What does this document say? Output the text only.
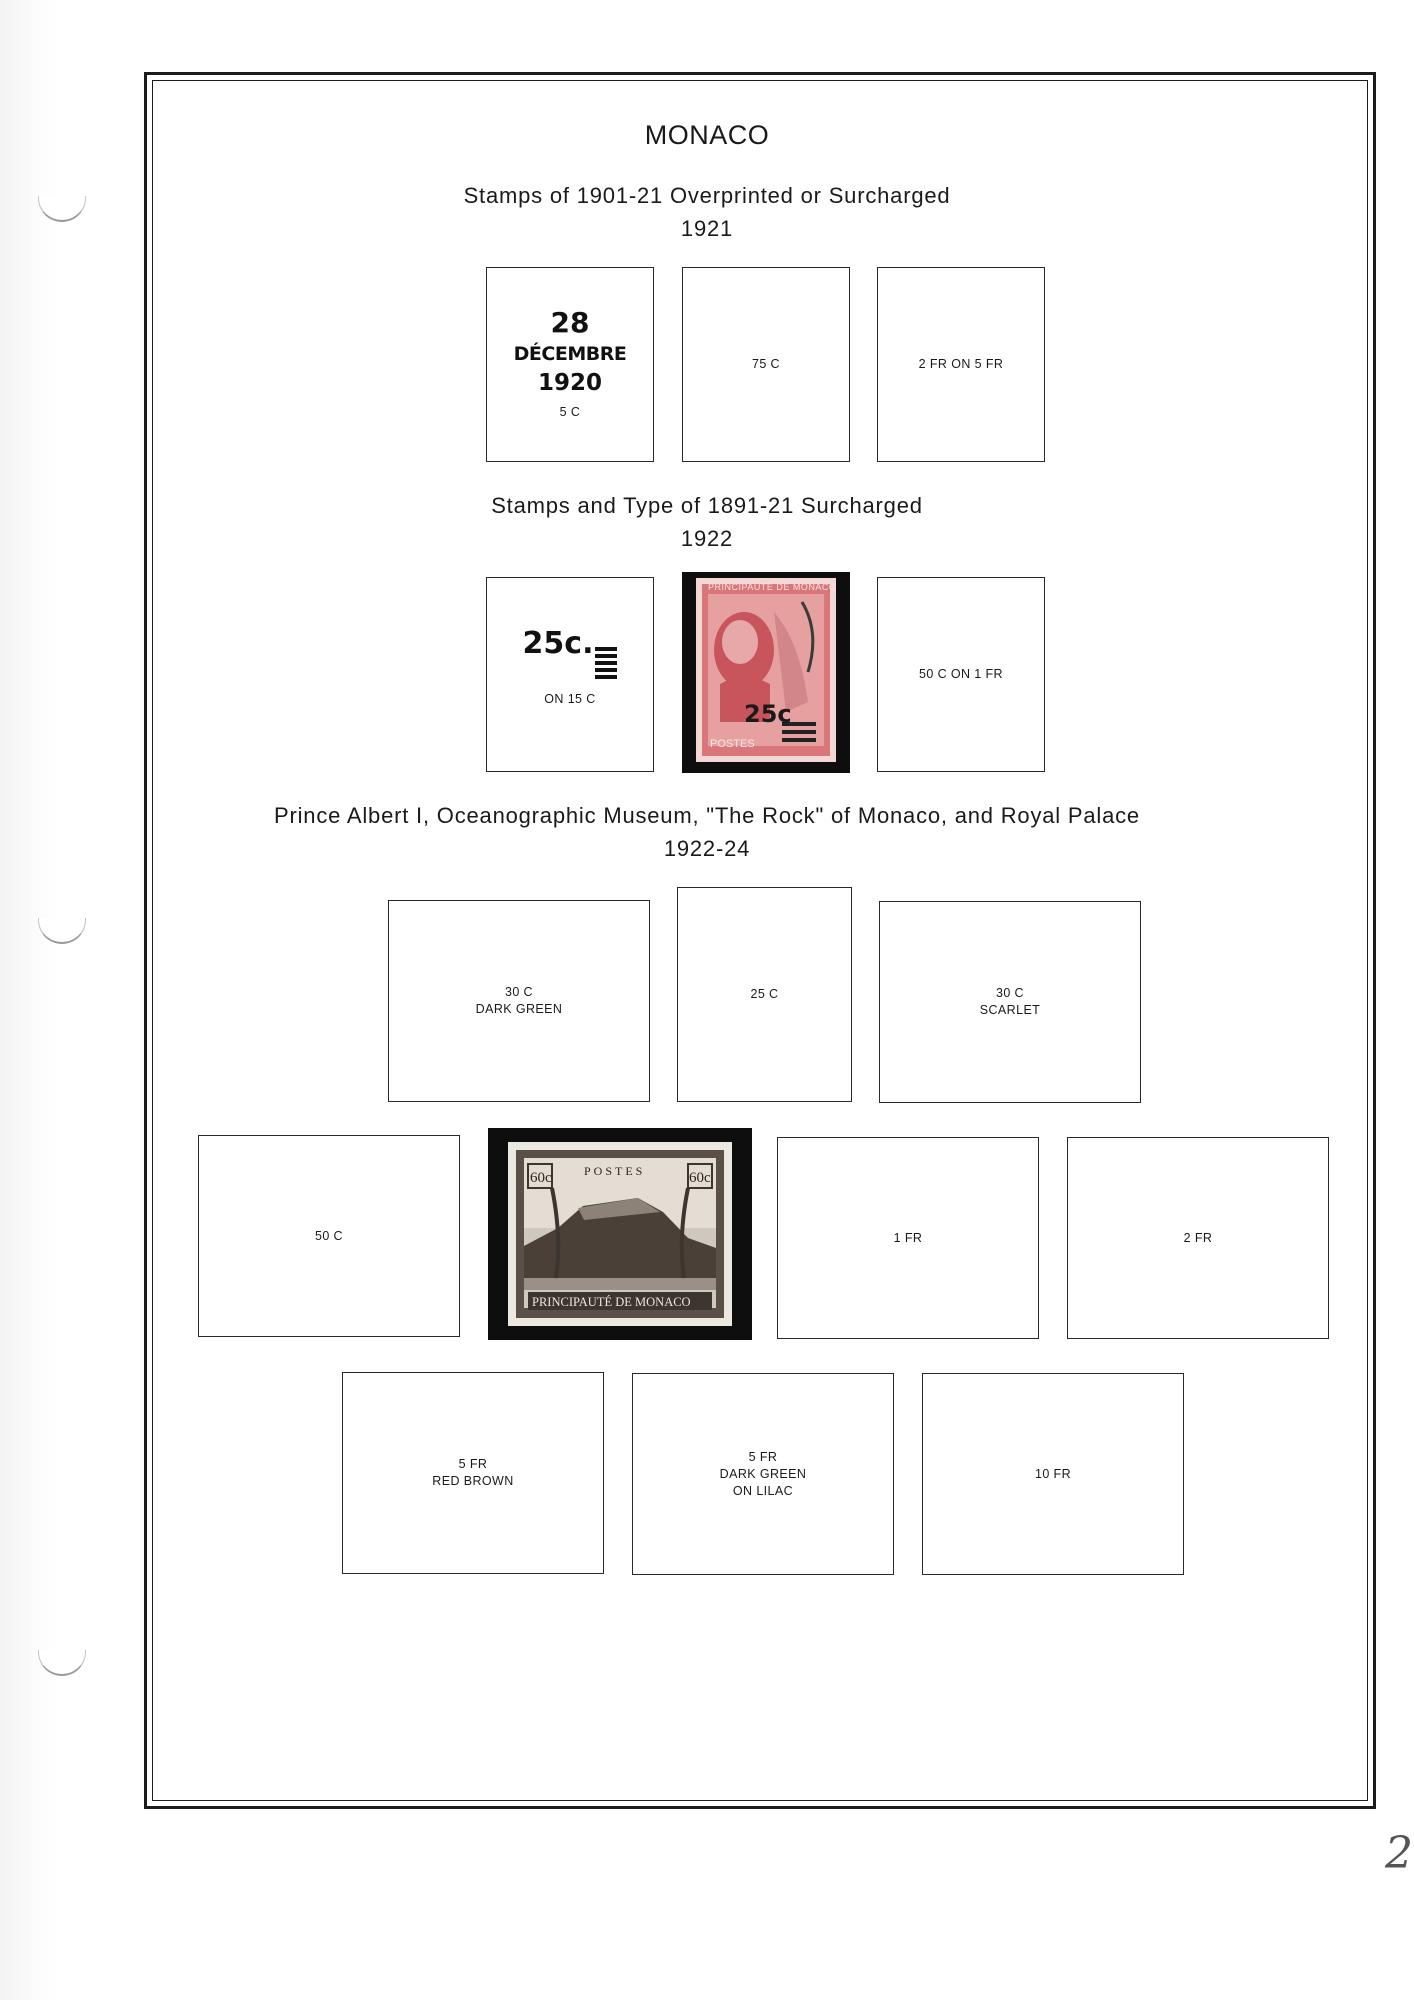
MONACO
Stamps of 1901-21 Overprinted or Surcharged
1921
28
DÉCEMBRE
1920
5 C
75 C	2 FR ON 5 FR
Stamps and Type of 1891-21 Surcharged
1922
25c.
ON 15 C
PRINCIPAUTE DE MONACO
25c
POSTES
50 C ON 1 FR
Prince Albert I, Oceanographic Museum, "The Rock" of Monaco, and Royal Palace
1922-24
30 C
DARK GREEN
25 C	30 C
SCARLET
50 C
60c	60c
POSTES
PRINCIPAUTÉ DE MONACO
1 FR	2 FR
5 FR
RED BROWN
5 FR
DARK GREEN
ON LILAC
10 FR
2
